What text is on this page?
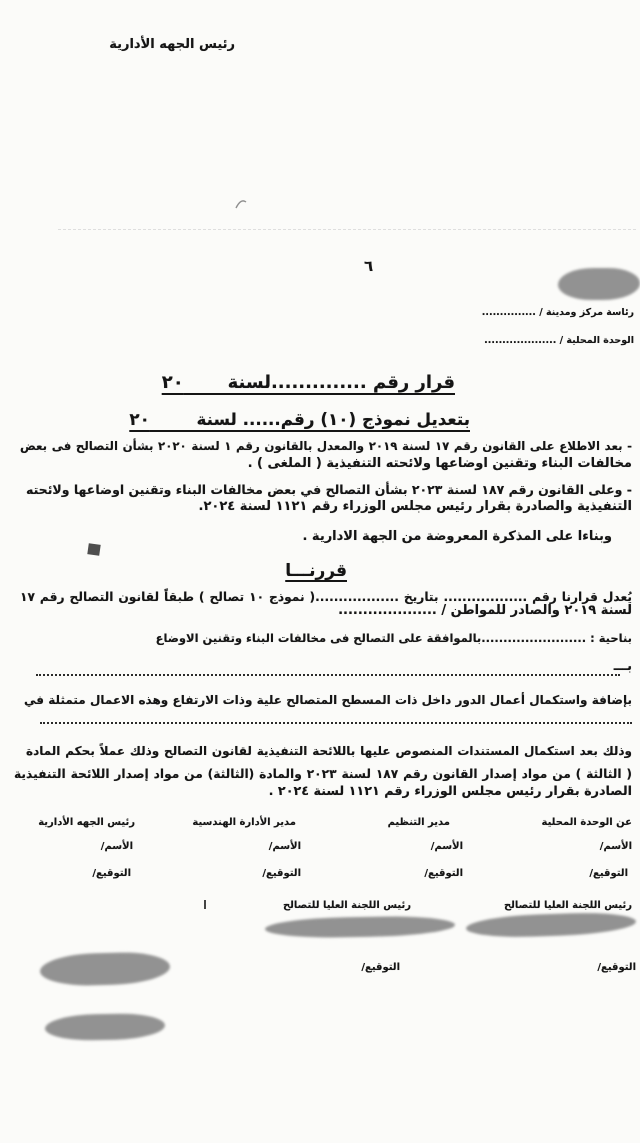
رئيس الجهه الأدارية
٦
رئاسة مركز ومدينة / ...............
الوحدة المحلية / ....................
قرار رقم ..............لسنة       ٢٠
بتعديل نموذج (١٠) رقم...... لسنة        ٢٠
- بعد الاطلاع على القانون رقم ١٧ لسنة ٢٠١٩ والمعدل بالقانون رقم ١ لسنة ٢٠٢٠ بشأن التصالح فى بعض
مخالفات البناء وتقنين اوضاعها ولائحته التنفيذية ( الملغى ) .
- وعلى القانون رقم ١٨٧ لسنة ٢٠٢٣ بشأن التصالح في بعض مخالفات البناء وتقنين اوضاعها ولائحته
التنفيذية والصادرة بقرار رئيس مجلس الوزراء رقم ١١٢١ لسنة ٢٠٢٤.
وبناءا على المذكرة المعروضة من الجهة الادارية .
قررنـــا
يُعدل قرارنا رقم .................. بتاريخ ..................( نموذج ١٠ تصالح ) طبقاً لقانون التصالح رقم ١٧
لسنة ٢٠١٩ والصادر للمواطن / ....................
بناحية : ........................بالموافقة على التصالح فى مخالفات البناء وتقنين الاوضاع
بـــ
بإضافة واستكمال أعمال الدور داخل ذات المسطح المتصالح علية وذات الارتفاع وهذه الاعمال متمثلة في
وذلك بعد استكمال المستندات المنصوص عليها باللائحة التنفيذية لقانون التصالح وذلك عملاً بحكم المادة
( الثالثة ) من مواد إصدار القانون رقم ١٨٧ لسنة ٢٠٢٣ والمادة (الثالثة) من مواد إصدار اللائحة التنفيذية
الصادرة بقرار رئيس مجلس الوزراء رقم ١١٢١ لسنة ٢٠٢٤ .
عن الوحدة المحلية
مدير التنظيم
مدير الأدارة الهندسية
رئيس الجهه الأدارية
الأسم/
الأسم/
الأسم/
الأسم/
التوقيع/
التوقيع/
التوقيع/
التوقيع/
رئيس اللجنة العليا للتصالح
رئيس اللجنة العليا للتصالح
التوقيع/
التوقيع/
